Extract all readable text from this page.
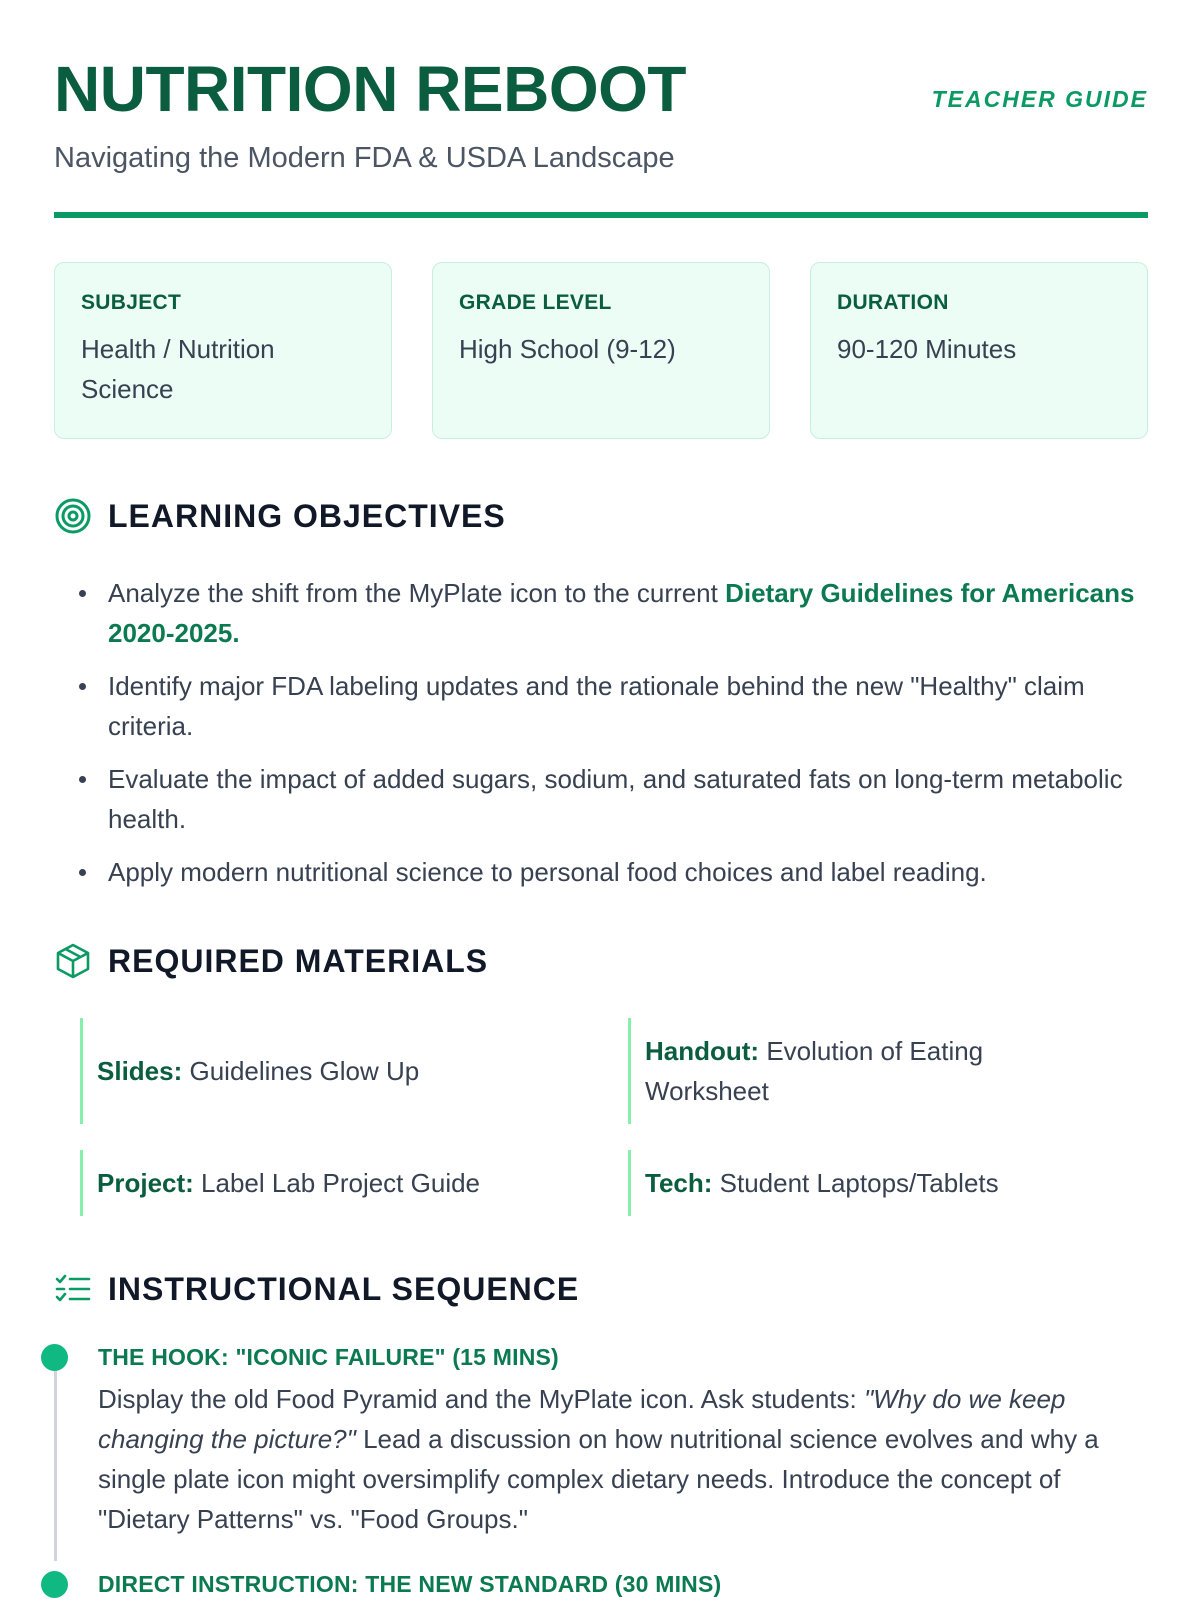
NUTRITION REBOOT
Navigating the Modern FDA & USDA Landscape
TEACHER GUIDE
SUBJECT
Health / Nutrition Science
GRADE LEVEL
High School (9-12)
DURATION
90-120 Minutes
LEARNING OBJECTIVES
Analyze the shift from the MyPlate icon to the current Dietary Guidelines for Americans 2020-2025.
Identify major FDA labeling updates and the rationale behind the new "Healthy" claim criteria.
Evaluate the impact of added sugars, sodium, and saturated fats on long-term metabolic health.
Apply modern nutritional science to personal food choices and label reading.
REQUIRED MATERIALS
Slides: Guidelines Glow Up
Handout: Evolution of Eating Worksheet
Project: Label Lab Project Guide	Tech: Student Laptops/Tablets
INSTRUCTIONAL SEQUENCE
THE HOOK: "ICONIC FAILURE" (15 MINS)
Display the old Food Pyramid and the MyPlate icon. Ask students: "Why do we keep changing the picture?" Lead a discussion on how nutritional science evolves and why a single plate icon might oversimplify complex dietary needs. Introduce the concept of "Dietary Patterns" vs. "Food Groups."
DIRECT INSTRUCTION: THE NEW STANDARD (30 MINS)
